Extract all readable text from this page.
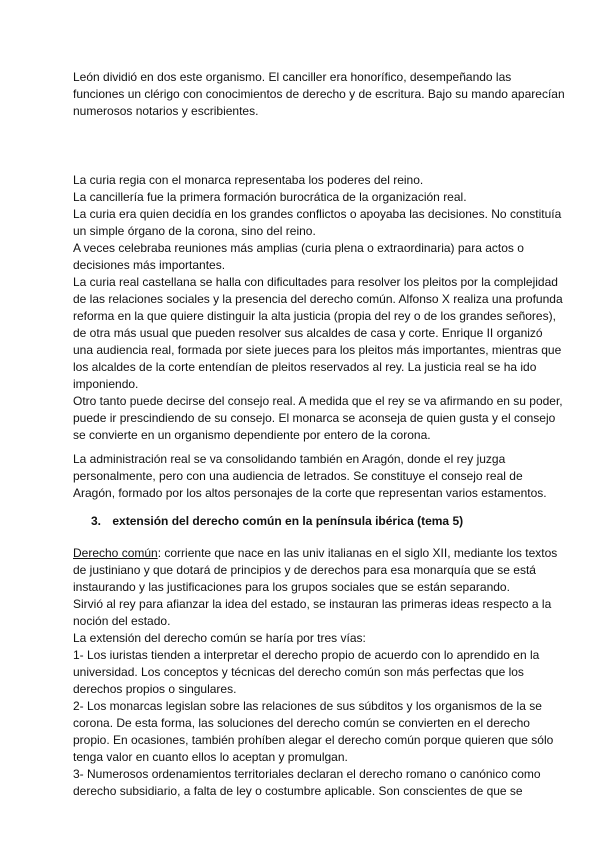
León dividió en dos este organismo. El canciller era honorífico, desempeñando las
funciones un clérigo con conocimientos de derecho y de escritura. Bajo su mando aparecían
numerosos notarios y escribientes.
La curia regia con el monarca representaba los poderes del reino.
La cancillería fue la primera formación burocrática de la organización real.
La curia era quien decidía en los grandes conflictos o apoyaba las decisiones. No constituía
un simple órgano de la corona, sino del reino.
A veces celebraba reuniones más amplias (curia plena o extraordinaria) para actos o
decisiones más importantes.
La curia real castellana se halla con dificultades para resolver los pleitos por la complejidad
de las relaciones sociales y la presencia del derecho común. Alfonso X realiza una profunda
reforma en la que quiere distinguir la alta justicia (propia del rey o de los grandes señores),
de otra más usual que pueden resolver sus alcaldes de casa y corte. Enrique II organizó
una audiencia real, formada por siete jueces para los pleitos más importantes, mientras que
los alcaldes de la corte entendían de pleitos reservados al rey. La justicia real se ha ido
imponiendo.
Otro tanto puede decirse del consejo real. A medida que el rey se va afirmando en su poder,
puede ir prescindiendo de su consejo. El monarca se aconseja de quien gusta y el consejo
se convierte en un organismo dependiente por entero de la corona.
La administración real se va consolidando también en Aragón, donde el rey juzga
personalmente, pero con una audiencia de letrados. Se constituye el consejo real de
Aragón, formado por los altos personajes de la corte que representan varios estamentos.
3. extensión del derecho común en la península ibérica (tema 5)
Derecho común: corriente que nace en las univ italianas en el siglo XII, mediante los textos
de justiniano y que dotará de principios y de derechos para esa monarquía que se está
instaurando y las justificaciones para los grupos sociales que se están separando.
Sirvió al rey para afianzar la idea del estado, se instauran las primeras ideas respecto a la
noción del estado.
La extensión del derecho común se haría por tres vías:
1- Los iuristas tienden a interpretar el derecho propio de acuerdo con lo aprendido en la
universidad. Los conceptos y técnicas del derecho común son más perfectas que los
derechos propios o singulares.
2- Los monarcas legislan sobre las relaciones de sus súbditos y los organismos de la se
corona. De esta forma, las soluciones del derecho común se convierten en el derecho
propio. En ocasiones, también prohíben alegar el derecho común porque quieren que sólo
tenga valor en cuanto ellos lo aceptan y promulgan.
3- Numerosos ordenamientos territoriales declaran el derecho romano o canónico como
derecho subsidiario, a falta de ley o costumbre aplicable. Son conscientes de que se
